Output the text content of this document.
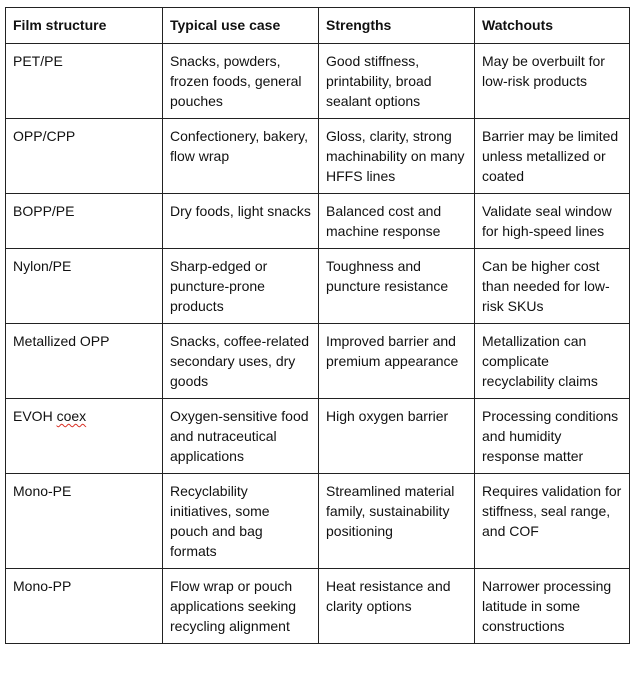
Film structure	Typical use case	Strengths	Watchouts
PET/PE	Snacks, powders, frozen foods, general pouches	Good stiffness, printability, broad sealant options	May be overbuilt for low-risk products
OPP/CPP	Confectionery, bakery, flow wrap	Gloss, clarity, strong machinability on many HFFS lines	Barrier may be limited unless metallized or coated
BOPP/PE	Dry foods, light snacks	Balanced cost and machine response	Validate seal window for high-speed lines
Nylon/PE	Sharp-edged or puncture-prone products	Toughness and puncture resistance	Can be higher cost than needed for low-risk SKUs
Metallized OPP	Snacks, coffee-related secondary uses, dry goods	Improved barrier and premium appearance	Metallization can complicate recyclability claims
EVOH coex	Oxygen-sensitive food and nutraceutical applications	High oxygen barrier	Processing conditions and humidity response matter
Mono-PE	Recyclability initiatives, some pouch and bag formats	Streamlined material family, sustainability positioning	Requires validation for stiffness, seal range, and COF
Mono-PP	Flow wrap or pouch applications seeking recycling alignment	Heat resistance and clarity options	Narrower processing latitude in some constructions
